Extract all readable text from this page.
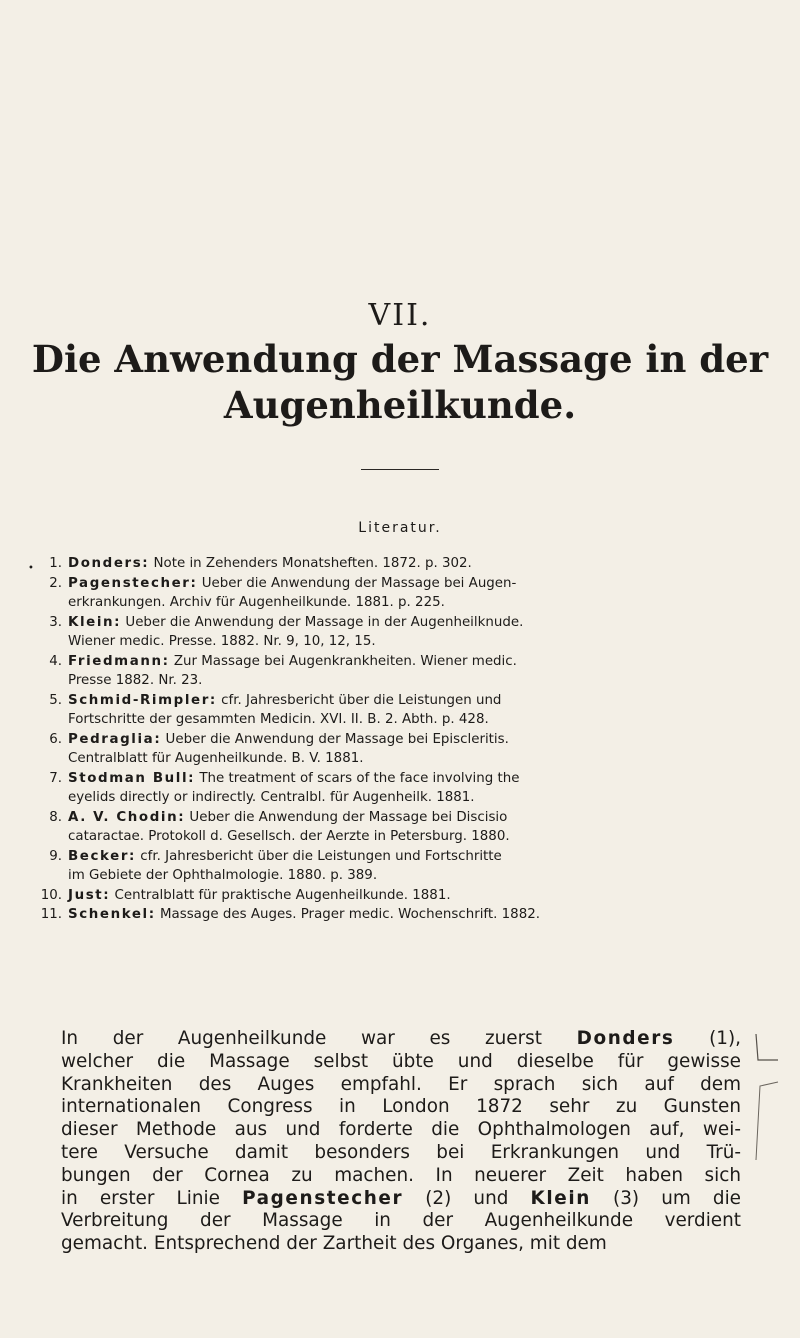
VII.
Die Anwendung der Massage in der
Augenheilkunde.
Literatur.
•	1. Donders: Note in Zehenders Monatsheften. 1872. p. 302.
2. Pagenstecher: Ueber die Anwendung der Massage bei Augen-
erkrankungen. Archiv für Augenheilkunde. 1881. p. 225.
3. Klein: Ueber die Anwendung der Massage in der Augenheilknude.
Wiener medic. Presse. 1882. Nr. 9, 10, 12, 15.
4. Friedmann: Zur Massage bei Augenkrankheiten. Wiener medic.
Presse 1882. Nr. 23.
5. Schmid-Rimpler: cfr. Jahresbericht über die Leistungen und
Fortschritte der gesammten Medicin. XVI. II. B. 2. Abth. p. 428.
6. Pedraglia: Ueber die Anwendung der Massage bei Episcleritis.
Centralblatt für Augenheilkunde. B. V. 1881.
7. Stodman Bull: The treatment of scars of the face involving the
eyelids directly or indirectly. Centralbl. für Augenheilk. 1881.
8. A. V. Chodin: Ueber die Anwendung der Massage bei Discisio
cataractae. Protokoll d. Gesellsch. der Aerzte in Petersburg. 1880.
9. Becker: cfr. Jahresbericht über die Leistungen und Fortschritte
im Gebiete der Ophthalmologie. 1880. p. 389.
10. Just: Centralblatt für praktische Augenheilkunde. 1881.
11. Schenkel: Massage des Auges. Prager medic. Wochenschrift. 1882.
In der Augenheilkunde war es zuerst Donders (1),
welcher die Massage selbst übte und dieselbe für gewisse
Krankheiten des Auges empfahl. Er sprach sich auf dem
internationalen Congress in London 1872 sehr zu Gunsten
dieser Methode aus und forderte die Ophthalmologen auf, wei-
tere Versuche damit besonders bei Erkrankungen und Trü-
bungen der Cornea zu machen. In neuerer Zeit haben sich
in erster Linie Pagenstecher (2) und Klein (3) um die
Verbreitung der Massage in der Augenheilkunde verdient
gemacht. Entsprechend der Zartheit des Organes, mit dem
